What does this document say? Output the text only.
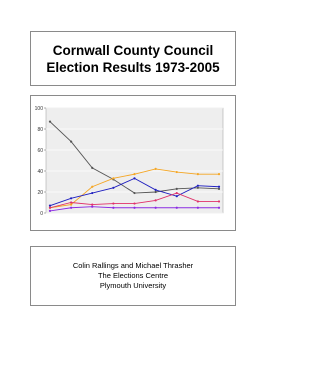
Cornwall County Council
Election Results 1973-2005
0
20
40
60
80
100
Colin Rallings and Michael Thrasher
The Elections Centre
Plymouth University
